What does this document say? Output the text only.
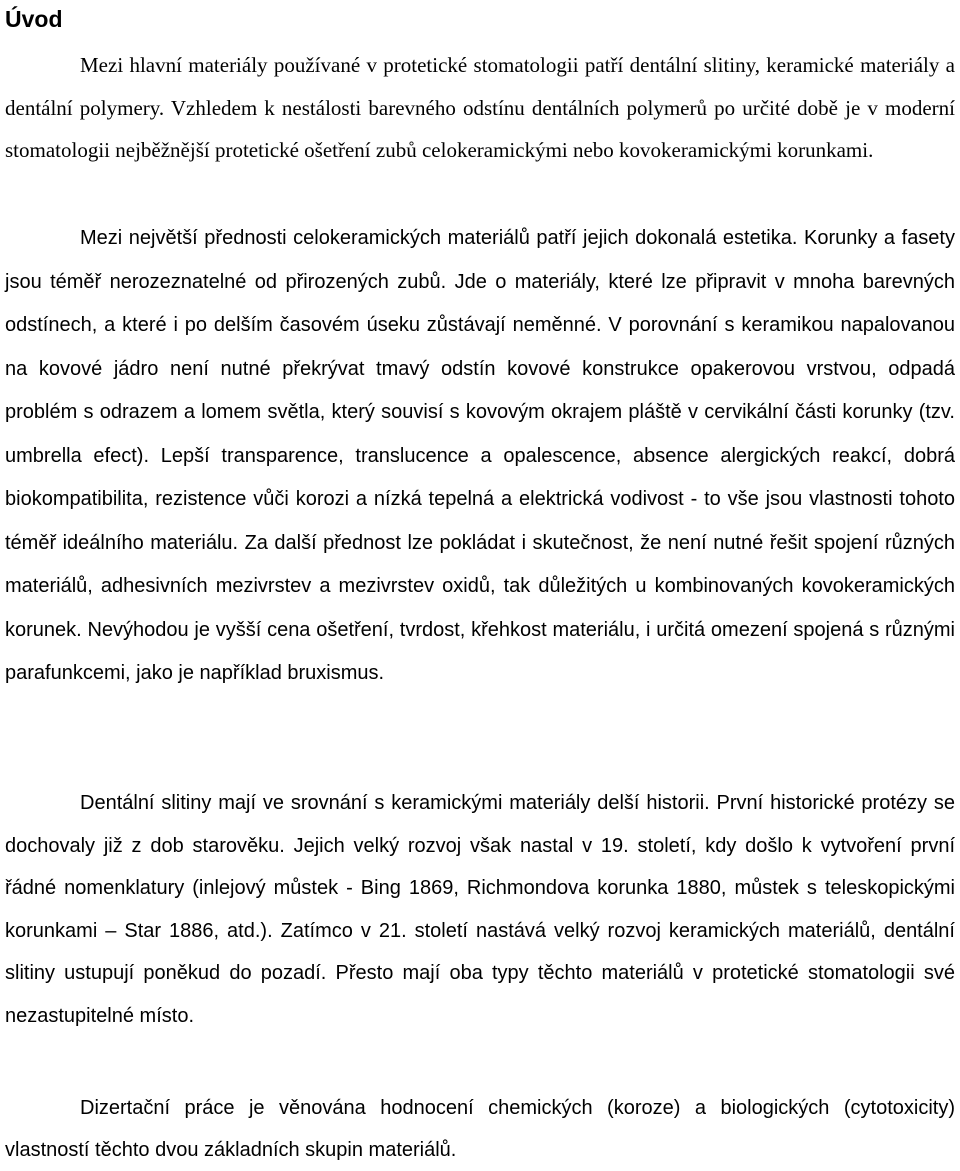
Úvod

Mezi hlavní materiály používané v protetické stomatologii patří dentální slitiny, keramické materiály a dentální polymery. Vzhledem k nestálosti barevného odstínu dentálních polymerů po určité době je v moderní stomatologii nejběžnější protetické ošetření zubů celokeramickými nebo kovokeramickými korunkami.

Mezi největší přednosti celokeramických materiálů patří jejich dokonalá estetika. Korunky a fasety jsou téměř nerozeznatelné od přirozených zubů. Jde o materiály, které lze připravit v mnoha barevných odstínech, a které i po delším časovém úseku zůstávají neměnné. V porovnání s keramikou napalovanou na kovové jádro není nutné překrývat tmavý odstín kovové konstrukce opakerovou vrstvou, odpadá problém s odrazem a lomem světla, který souvisí s kovovým okrajem pláště v cervikální části korunky (tzv. umbrella efect). Lepší transparence, translucence a opalescence, absence alergických reakcí, dobrá biokompatibilita, rezistence vůči korozi a nízká tepelná a elektrická vodivost - to vše jsou vlastnosti tohoto téměř ideálního materiálu. Za další přednost lze pokládat i skutečnost, že není nutné řešit spojení různých materiálů, adhesivních mezivrstev a mezivrstev oxidů, tak důležitých u kombinovaných kovokeramických korunek. Nevýhodou je vyšší cena ošetření, tvrdost, křehkost materiálu, i určitá omezení spojená s různými parafunkcemi, jako je například bruxismus.

Dentální slitiny mají ve srovnání s keramickými materiály delší historii. První historické protézy se dochovaly již z dob starověku. Jejich velký rozvoj však nastal v 19. století, kdy došlo k vytvoření první řádné nomenklatury (inlejový můstek - Bing 1869, Richmondova korunka 1880, můstek s teleskopickými korunkami – Star 1886, atd.). Zatímco v 21. století nastává velký rozvoj keramických materiálů, dentální slitiny ustupují poněkud do pozadí. Přesto mají oba typy těchto materiálů v protetické stomatologii své nezastupitelné místo.

Dizertační práce je věnována hodnocení chemických (koroze) a biologických (cytotoxicity) vlastností těchto dvou základních skupin materiálů.
